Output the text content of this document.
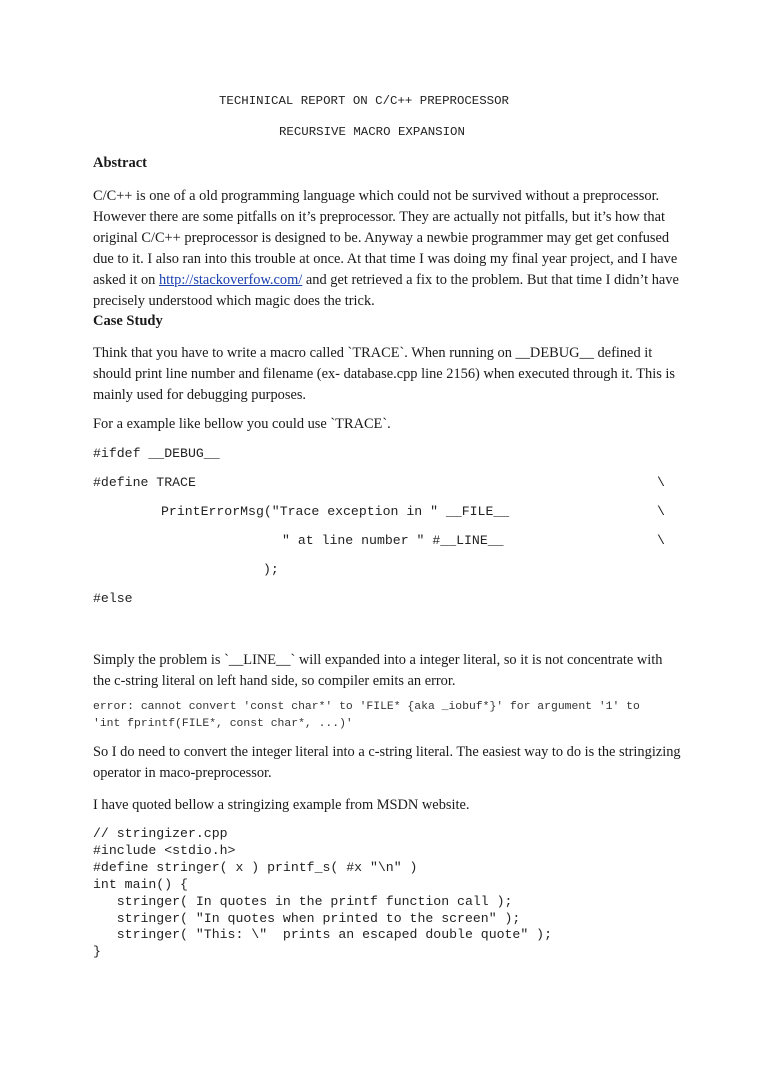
TECHINICAL REPORT ON C/C++ PREPROCESSOR
RECURSIVE MACRO EXPANSION
Abstract
C/C++ is one of a old programming language which could not be survived without a preprocessor. However there are some pitfalls on it’s preprocessor. They are actually not pitfalls, but it’s how that original C/C++ preprocessor is designed to be. Anyway a newbie programmer may get get confused due to it. I also ran into this trouble at once. At that time I was doing my final year project, and I have asked it on http://stackoverfow.com/ and get retrieved a fix to the problem. But that time I didn’t have precisely understood which magic does the trick.
Case Study
Think that you have to write a macro called `TRACE`. When running on __DEBUG__ defined it should print line number and filename (ex- database.cpp line 2156) when executed through it. This is mainly used for debugging purposes.
For a example like bellow you could use `TRACE`.
#ifdef __DEBUG__
#define TRACE	\
PrintErrorMsg("Trace exception in " __FILE__	\
" at line number " #__LINE__	\
);
#else
Simply the problem is `__LINE__` will expanded into a integer literal, so it is not concentrate with the c-string literal on left hand side, so compiler emits an error.
error: cannot convert 'const char*' to 'FILE* {aka _iobuf*}' for argument '1' to
'int fprintf(FILE*, const char*, ...)'
So I do need to convert the integer literal into a c-string literal. The easiest way to do is the stringizing operator in maco-preprocessor.
I have quoted bellow a stringizing example from MSDN website.
// stringizer.cpp
#include <stdio.h>
#define stringer( x ) printf_s( #x "\n" )
int main() {
stringer( In quotes in the printf function call );
stringer( "In quotes when printed to the screen" );
stringer( "This: \"  prints an escaped double quote" );
}
